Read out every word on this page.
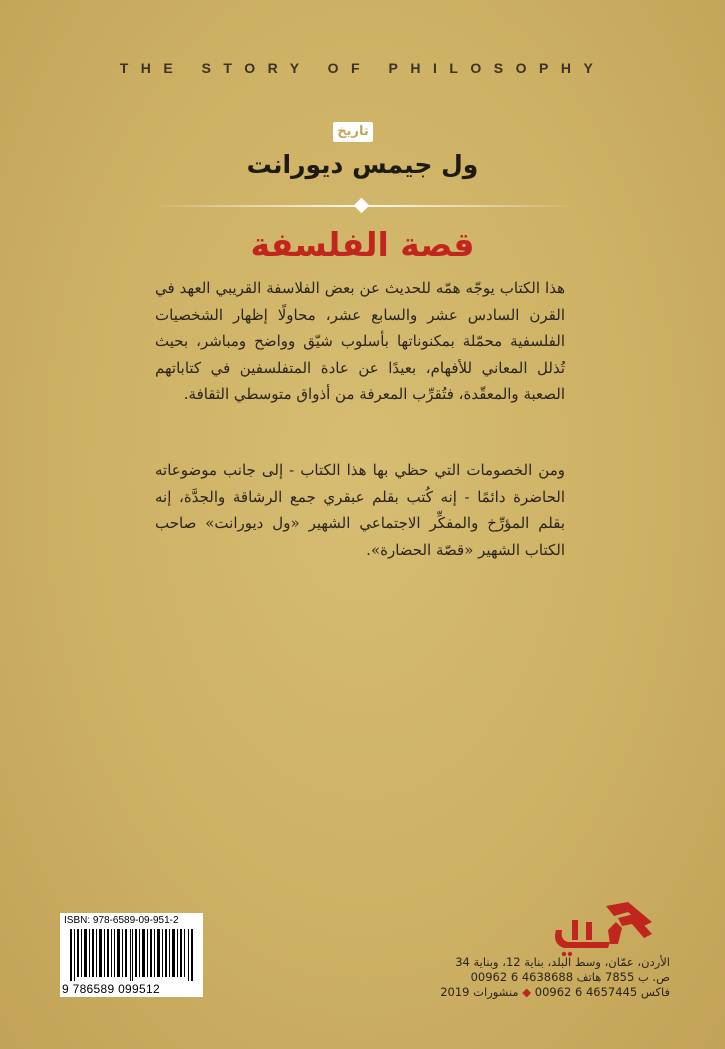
THE STORY OF PHILOSOPHY
تاريخ
ول جيمس ديورانت
قصة الفلسفة
هذا الكتاب يوجّه همّه للحديث عن بعض الفلاسفة القريبي العهد في القرن السادس عشر والسابع عشر، محاولًا إظهار الشخصيات الفلسفية محمّلة بمكنوناتها بأسلوب شيّق وواضح ومباشر، بحيث تُذلل المعاني للأفهام، بعيدًا عن عادة المتفلسفين في كتاباتهم الصعبة والمعقّدة، فتُقرِّب المعرفة من أذواق متوسطي الثقافة.
ومن الخصومات التي حظي بها هذا الكتاب - إلى جانب موضوعاته الحاضرة دائمًا - إنه كُتب بقلم عبقري جمع الرشاقة والجدَّة، إنه بقلم المؤرِّخ والمفكِّر الاجتماعي الشهير «ول ديورانت» صاحب الكتاب الشهير «قصّة الحضارة».
ISBN: 978-6589-09-951-2
9 786589 099512
الأردن، عمّان، وسط البلد، بناية 12، وبناية 34
ص. ب 7855 هاتف 4638688 6 00962
فاكس 4657445 6 00962 ◆ منشورات 2019
